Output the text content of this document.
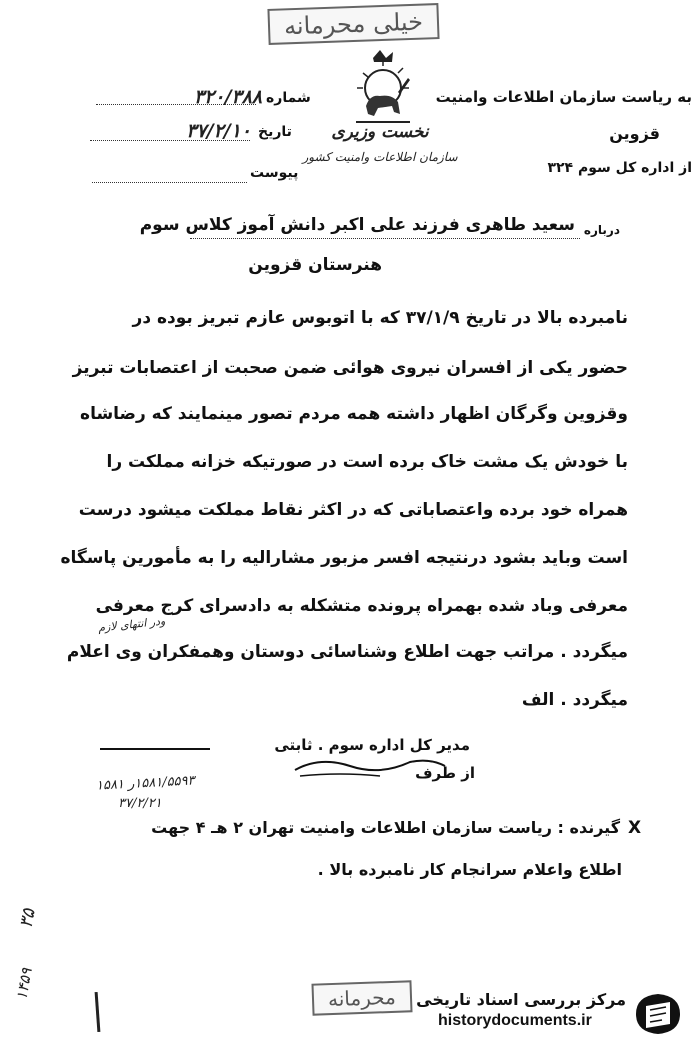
خیلی محرمانه
نخست وزیری
سازمان اطلاعات وامنیت کشور
به ریاست سازمان اطلاعات وامنیت
قزوین
از اداره کل سوم ۳۲۴
شماره
۳۲۰/۳۸۸
تاریخ
۳۷/۲/۱۰
پیوست
درباره
سعید طاهری فرزند علی اکبر دانش آموز کلاس سوم
هنرستان قزوین
نامبرده بالا در تاریخ ۳۷/۱/۹ که با اتوبوس عازم تبریز بوده در
حضور یکی از افسران نیروی هوائی ضمن صحبت از اعتصابات تبریز
وقزوین وگرگان اظهار داشته همه مردم تصور مینمایند که رضاشاه
با خودش یک مشت خاک برده است در صورتیکه خزانه مملکت را
همراه خود برده واعتصاباتی که در اکثر نقاط مملکت میشود درست
است وباید بشود درنتیجه افسر مزبور مشارالیه را به مأمورین پاسگاه
معرفی وباد شده بهمراه پرونده متشکله به دادسرای کرج معرفی
ودر انتهای لازم
میگردد . مراتب جهت اطلاع وشناسائی دوستان وهمفکران وی اعلام
میگردد . الف
مدیر کل اداره سوم . ثابتی
از طرف
۱۵۸۱/۵۵۹۳ر ۱۵۸۱
۳۷/۲/۲۱
X
گیرنده : ریاست سازمان اطلاعات وامنیت تهران ۲ هـ ۴ جهت
اطلاع واعلام سرانجام کار نامبرده بالا .
۳۵
۱۴۵۹	محرمانه	مرکز بررسی اسناد تاریخی
historydocuments.ir
